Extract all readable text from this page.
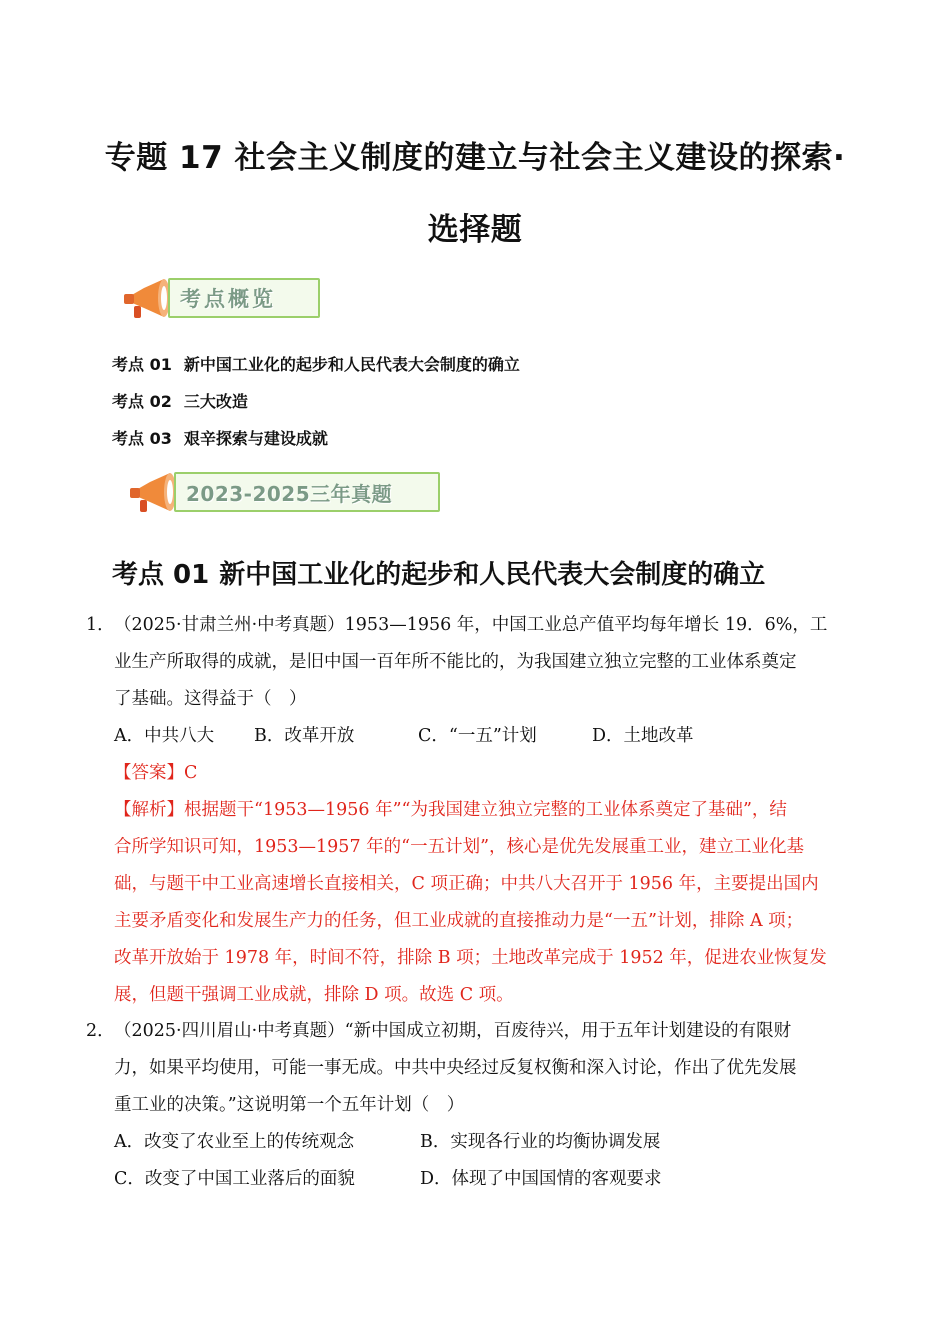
专题 17 社会主义制度的建立与社会主义建设的探索·
选择题
考点概览
考点 01 新中国工业化的起步和人民代表大会制度的确立
考点 02 三大改造
考点 03 艰辛探索与建设成就
2023-2025三年真题
考点 01 新中国工业化的起步和人民代表大会制度的确立
1． （2025·甘肃兰州·中考真题）1953—1956 年，中国工业总产值平均每年增长 19．6%，工

业生产所取得的成就，是旧中国一百年所不能比的，为我国建立独立完整的工业体系奠定

了基础。这得益于（　）

A．中共八大	B．改革开放	C．“一五”计划	D．土地改革

【答案】C

【解析】根据题干“1953—1956 年”“为我国建立独立完整的工业体系奠定了基础”，结

合所学知识可知，1953—1957 年的“一五计划”，核心是优先发展重工业，建立工业化基

础，与题干中工业高速增长直接相关，C 项正确；中共八大召开于 1956 年，主要提出国内

主要矛盾变化和发展生产力的任务，但工业成就的直接推动力是“一五”计划，排除 A 项；

改革开放始于 1978 年，时间不符，排除 B 项；土地改革完成于 1952 年，促进农业恢复发

展，但题干强调工业成就，排除 D 项。故选 C 项。

2． （2025·四川眉山·中考真题）“新中国成立初期，百废待兴，用于五年计划建设的有限财

力，如果平均使用，可能一事无成。中共中央经过反复权衡和深入讨论，作出了优先发展

重工业的决策。”这说明第一个五年计划（　）

A．改变了农业至上的传统观念	B．实现各行业的均衡协调发展
C．改变了中国工业落后的面貌	D．体现了中国国情的客观要求
